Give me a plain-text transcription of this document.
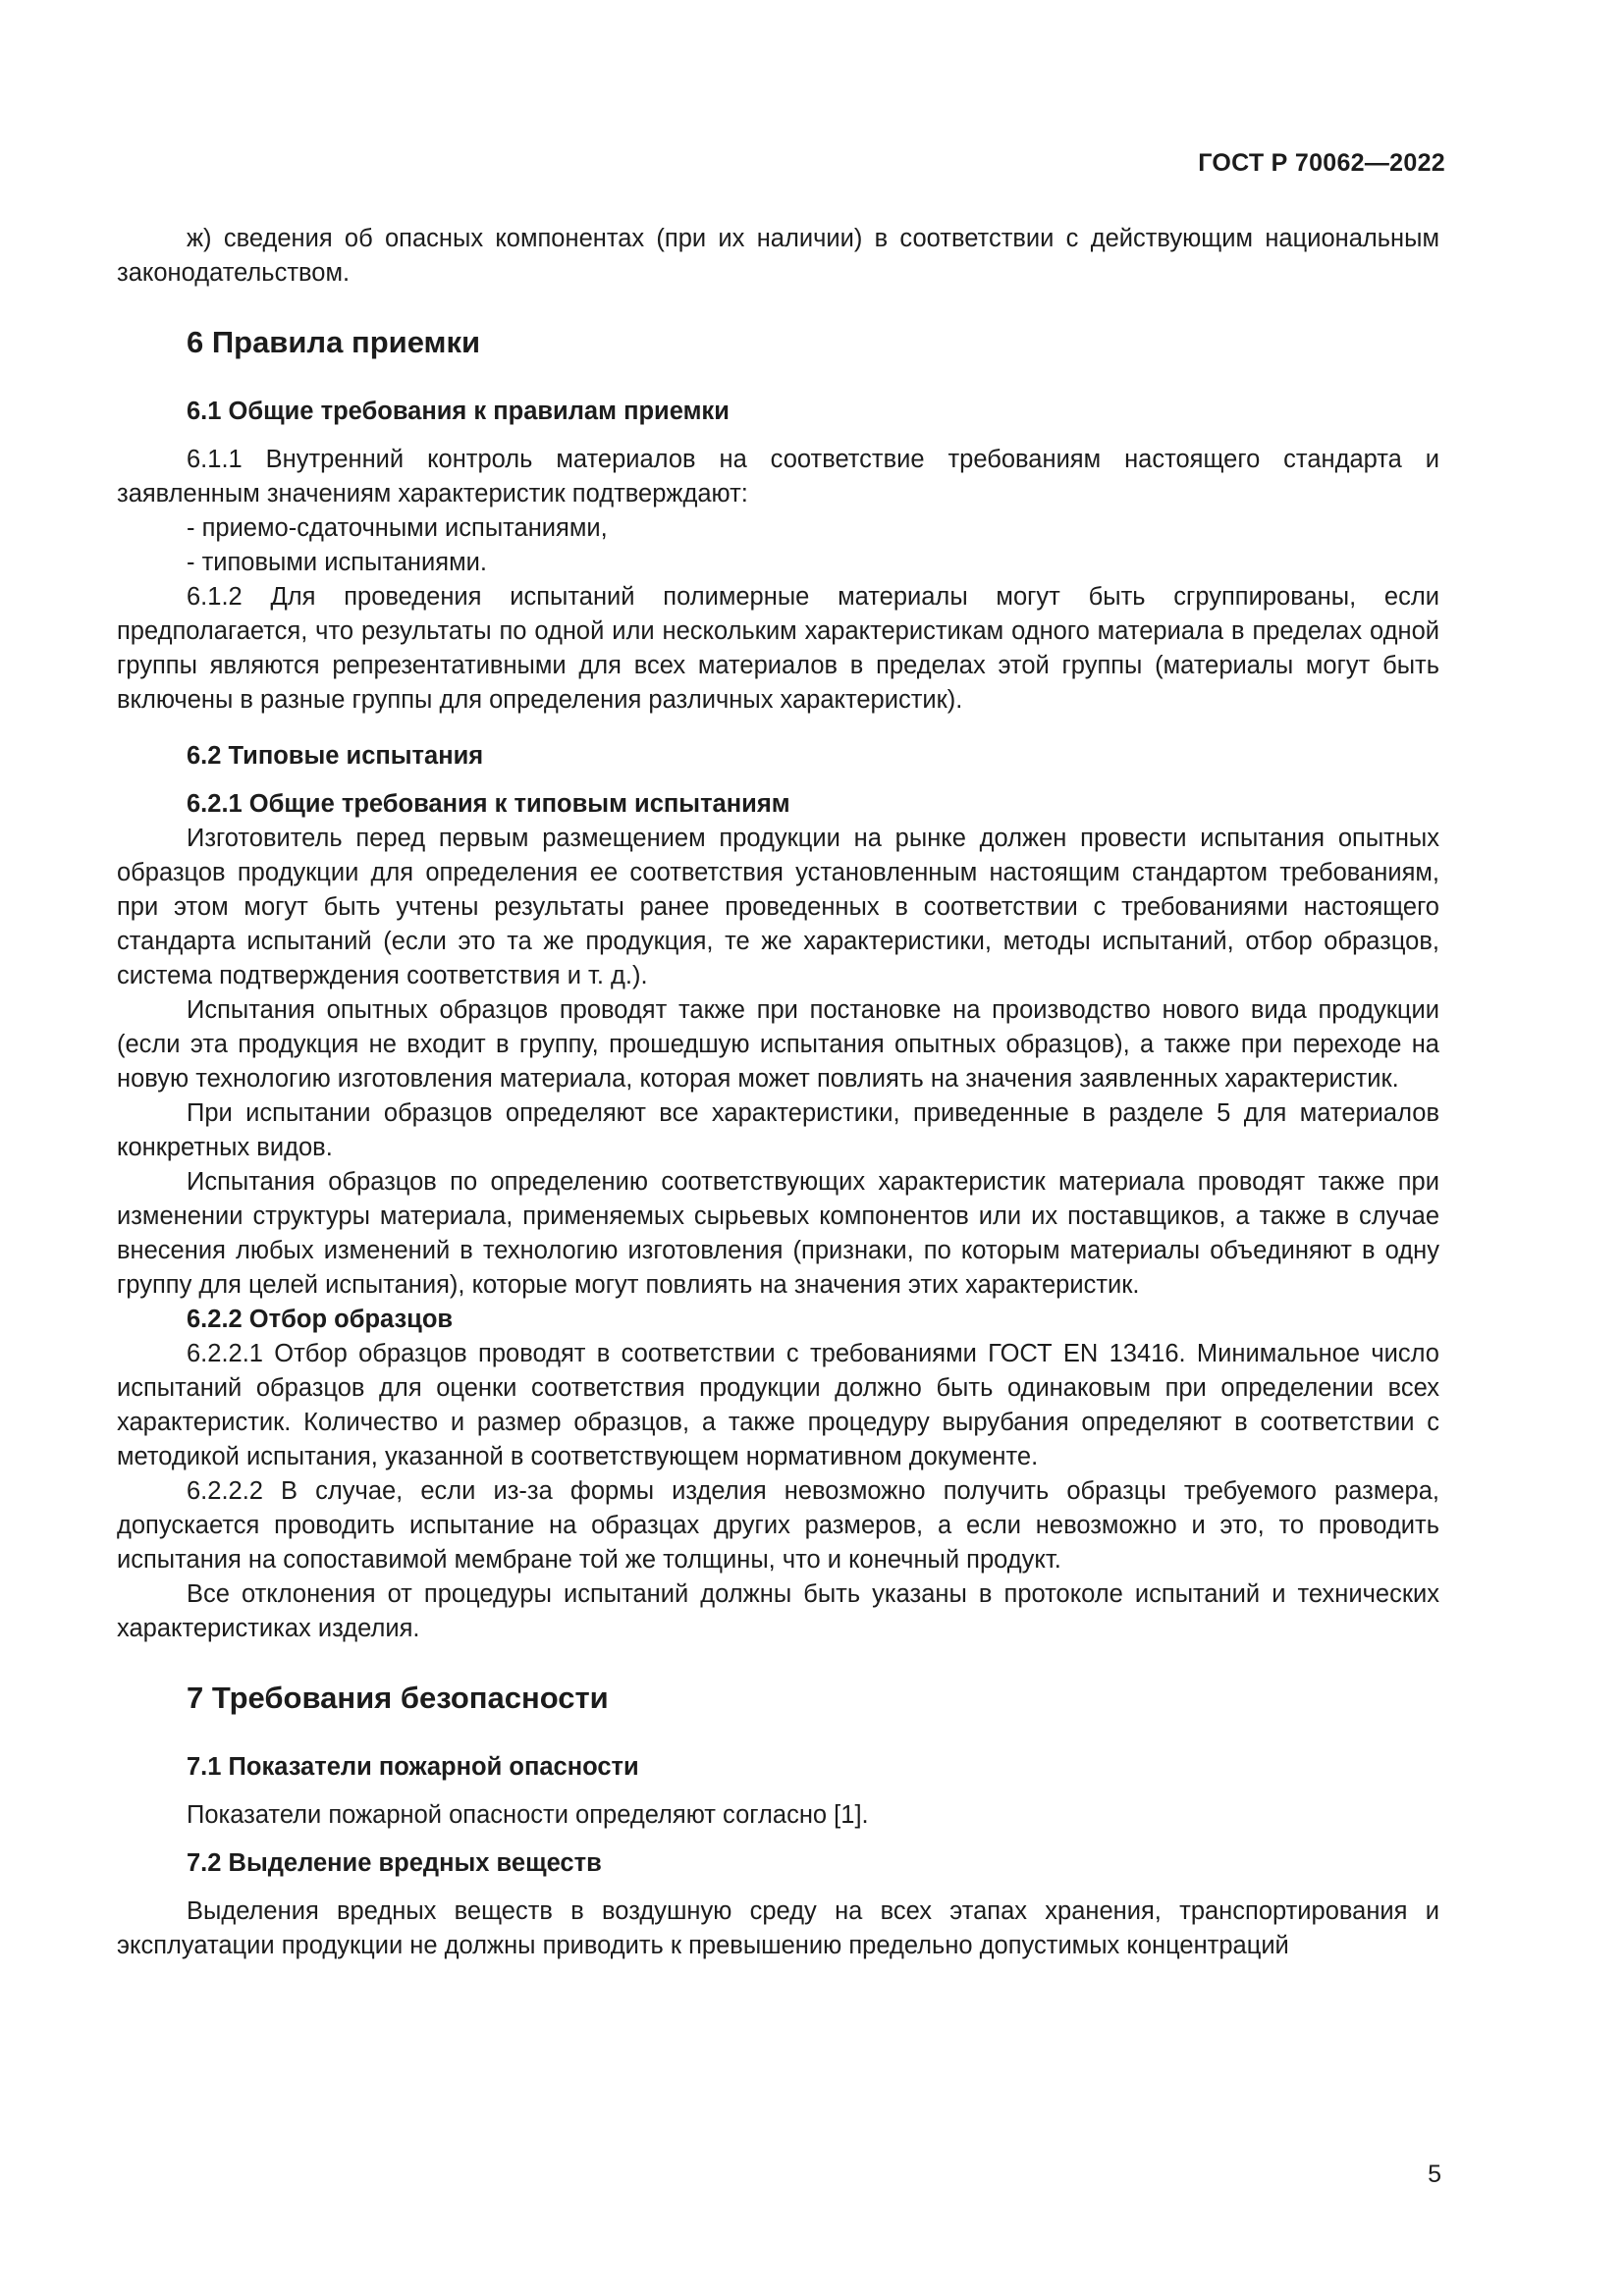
ГОСТ Р 70062—2022

ж) сведения об опасных компонентах (при их наличии) в соответствии с действующим национальным законодательством.

6 Правила приемки
6.1 Общие требования к правилам приемки

6.1.1 Внутренний контроль материалов на соответствие требованиям настоящего стандарта и заявленным значениям характеристик подтверждают:

- приемо-сдаточными испытаниями,

- типовыми испытаниями.

6.1.2 Для проведения испытаний полимерные материалы могут быть сгруппированы, если предполагается, что результаты по одной или нескольким характеристикам одного материала в пределах одной группы являются репрезентативными для всех материалов в пределах этой группы (материалы могут быть включены в разные группы для определения различных характеристик).

6.2 Типовые испытания
6.2.1 Общие требования к типовым испытаниям

Изготовитель перед первым размещением продукции на рынке должен провести испытания опытных образцов продукции для определения ее соответствия установленным настоящим стандартом требованиям, при этом могут быть учтены результаты ранее проведенных в соответствии с требованиями настоящего стандарта испытаний (если это та же продукция, те же характеристики, методы испытаний, отбор образцов, система подтверждения соответствия и т. д.).

Испытания опытных образцов проводят также при постановке на производство нового вида продукции (если эта продукция не входит в группу, прошедшую испытания опытных образцов), а также при переходе на новую технологию изготовления материала, которая может повлиять на значения заявленных характеристик.

При испытании образцов определяют все характеристики, приведенные в разделе 5 для материалов конкретных видов.

Испытания образцов по определению соответствующих характеристик материала проводят также при изменении структуры материала, применяемых сырьевых компонентов или их поставщиков, а также в случае внесения любых изменений в технологию изготовления (признаки, по которым материалы объединяют в одну группу для целей испытания), которые могут повлиять на значения этих характеристик.

6.2.2 Отбор образцов

6.2.2.1 Отбор образцов проводят в соответствии с требованиями ГОСТ EN 13416. Минимальное число испытаний образцов для оценки соответствия продукции должно быть одинаковым при определении всех характеристик. Количество и размер образцов, а также процедуру вырубания определяют в соответствии с методикой испытания, указанной в соответствующем нормативном документе.

6.2.2.2 В случае, если из-за формы изделия невозможно получить образцы требуемого размера, допускается проводить испытание на образцах других размеров, а если невозможно и это, то проводить испытания на сопоставимой мембране той же толщины, что и конечный продукт.

Все отклонения от процедуры испытаний должны быть указаны в протоколе испытаний и технических характеристиках изделия.

7 Требования безопасности
7.1 Показатели пожарной опасности

Показатели пожарной опасности определяют согласно [1].

7.2 Выделение вредных веществ

Выделения вредных веществ в воздушную среду на всех этапах хранения, транспортирования и эксплуатации продукции не должны приводить к превышению предельно допустимых концентраций

5
